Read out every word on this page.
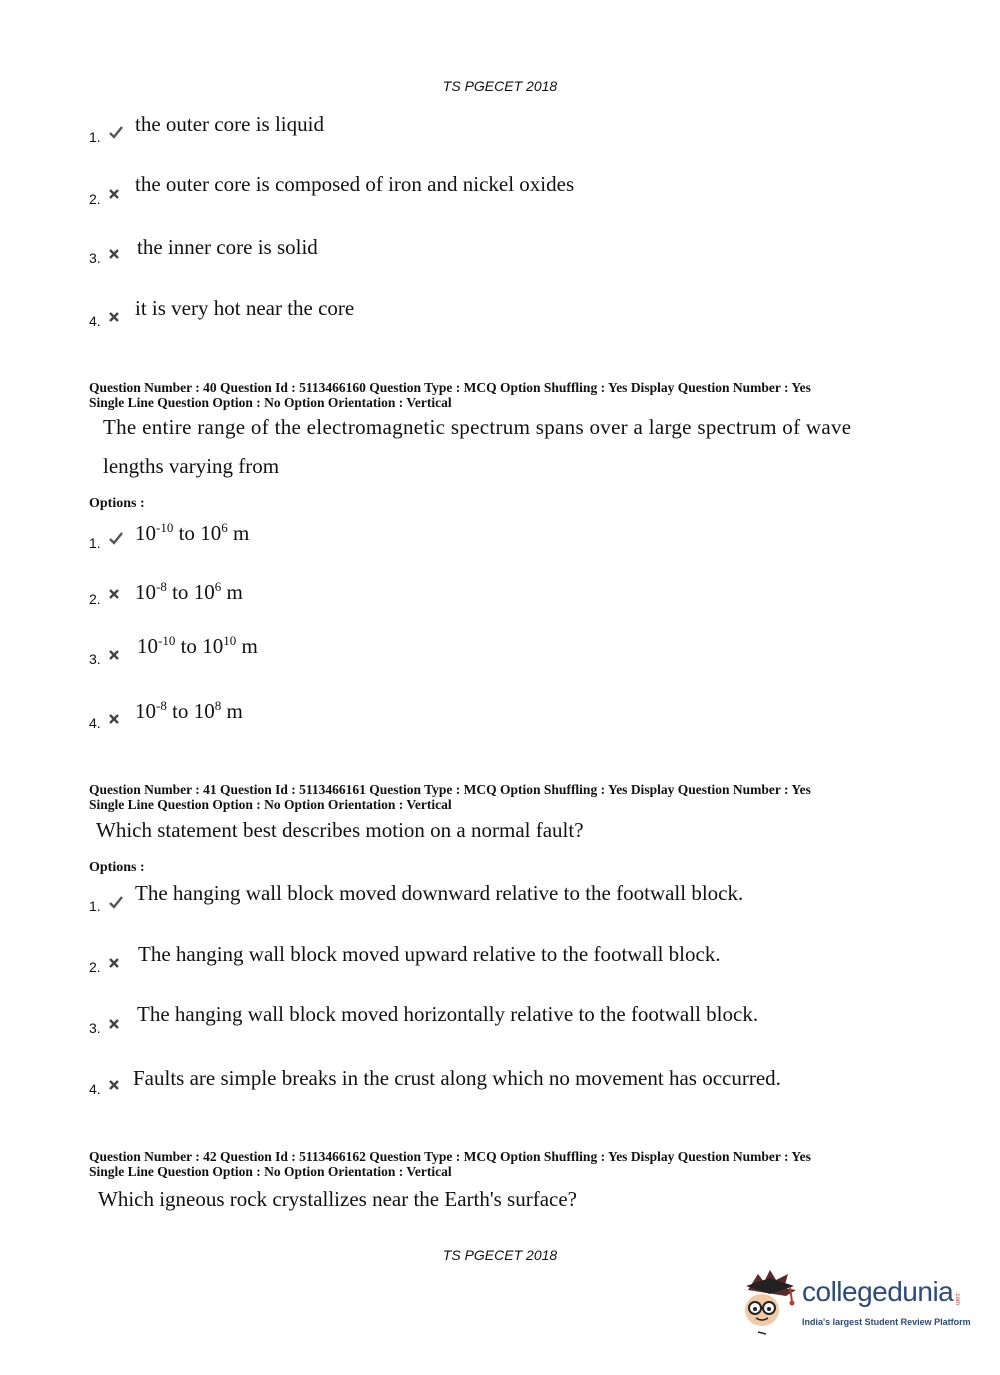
TS PGECET 2018
1.
the outer core is liquid
2.
the outer core is composed of iron and nickel oxides
3. the inner core is solid
4.
it is very hot near the core
Question Number : 40 Question Id : 5113466160 Question Type : MCQ Option Shuffling : Yes Display Question Number : Yes
Single Line Question Option : No Option Orientation : Vertical
The entire range of the electromagnetic spectrum spans over a large spectrum of wave
lengths varying from
Options :
1. $10^{-10}$ to $10^6$ m
2. $10^{-8}$ to $10^6$ m
3.
$10^{-10}$ to $10^{10}$ m
4. $10^{-8}$ to $10^8$ m
Question Number : 41 Question Id : 5113466161 Question Type : MCQ Option Shuffling : Yes Display Question Number : Yes
Single Line Question Option : No Option Orientation : Vertical
Which statement best describes motion on a normal fault?
Options :
1.
The hanging wall block moved downward relative to the footwall block.
2.
The hanging wall block moved upward relative to the footwall block.
3.
The hanging wall block moved horizontally relative to the footwall block.
4. Faults are simple breaks in the crust along which no movement has occurred.
Question Number : 42 Question Id : 5113466162 Question Type : MCQ Option Shuffling : Yes Display Question Number : Yes
Single Line Question Option : No Option Orientation : Vertical
Which igneous rock crystallizes near the Earth's surface?
TS PGECET 2018
collegedunia .com
India's largest Student Review Platform
